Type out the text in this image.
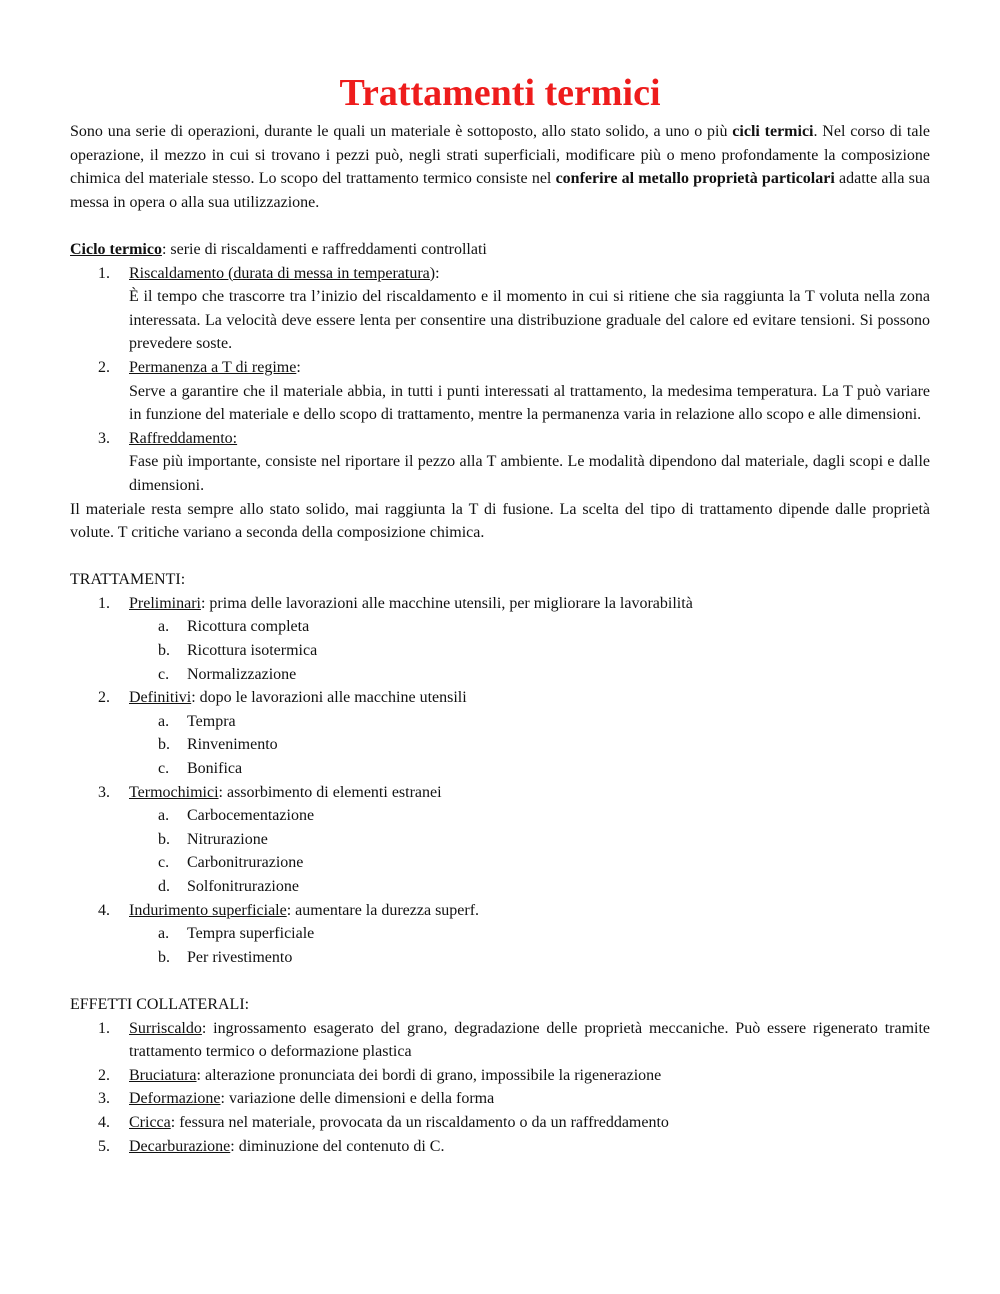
Trattamenti termici

Sono una serie di operazioni, durante le quali un materiale è sottoposto, allo stato solido, a uno o più cicli termici. Nel corso di tale operazione, il mezzo in cui si trovano i pezzi può, negli strati superficiali, modificare più o meno profondamente la composizione chimica del materiale stesso. Lo scopo del trattamento termico consiste nel conferire al metallo proprietà particolari adatte alla sua messa in opera o alla sua utilizzazione.

Ciclo termico: serie di riscaldamenti e raffreddamenti controllati

1.	Riscaldamento (durata di messa in temperatura):
È il tempo che trascorre tra l’inizio del riscaldamento e il momento in cui si ritiene che sia raggiunta la T voluta nella zona interessata. La velocità deve essere lenta per consentire una distribuzione graduale del calore ed evitare tensioni. Si possono prevedere soste.
2.	Permanenza a T di regime:
Serve a garantire che il materiale abbia, in tutti i punti interessati al trattamento, la medesima temperatura. La T può variare in funzione del materiale e dello scopo di trattamento, mentre la permanenza varia in relazione allo scopo e alle dimensioni.
3.	Raffreddamento:
Fase più importante, consiste nel riportare il pezzo alla T ambiente. Le modalità dipendono dal materiale, dagli scopi e dalle dimensioni.

Il materiale resta sempre allo stato solido, mai raggiunta la T di fusione. La scelta del tipo di trattamento dipende dalle proprietà volute. T critiche variano a seconda della composizione chimica.

TRATTAMENTI:

1.	Preliminari: prima delle lavorazioni alle macchine utensili, per migliorare la lavorabilità
a. Ricottura completa
b. Ricottura isotermica
c. Normalizzazione
2.	Definitivi: dopo le lavorazioni alle macchine utensili
a. Tempra
b. Rinvenimento
c. Bonifica
3.	Termochimici: assorbimento di elementi estranei
a. Carbocementazione
b. Nitrurazione
c. Carbonitrurazione
d. Solfonitrurazione
4.	Indurimento superficiale: aumentare la durezza superf.
a. Tempra superficiale
b. Per rivestimento

EFFETTI COLLATERALI:

1.	Surriscaldo: ingrossamento esagerato del grano, degradazione delle proprietà meccaniche. Può essere rigenerato tramite trattamento termico o deformazione plastica
2.	Bruciatura: alterazione pronunciata dei bordi di grano, impossibile la rigenerazione
3.	Deformazione: variazione delle dimensioni e della forma
4.	Cricca: fessura nel materiale, provocata da un riscaldamento o da un raffreddamento
5.	Decarburazione: diminuzione del contenuto di C.
